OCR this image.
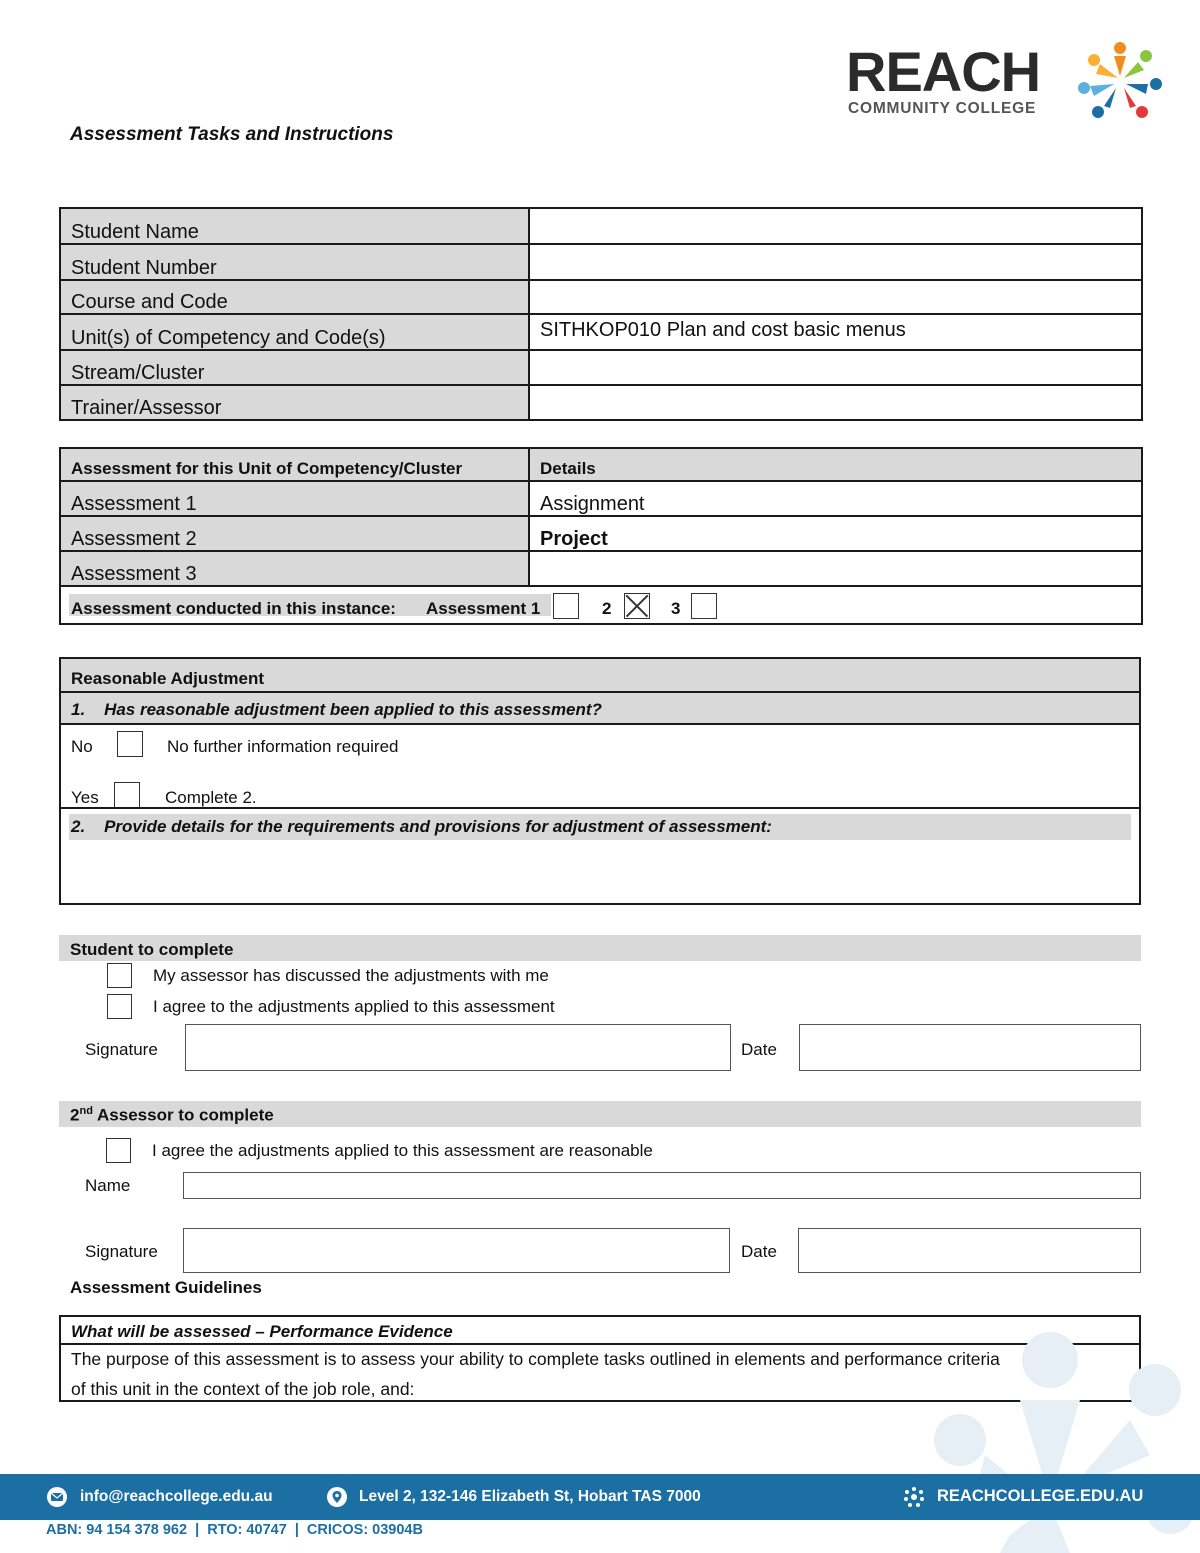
REACH
COMMUNITY COLLEGE
Assessment Tasks and Instructions
Student Name	
Student Number	
Course and Code	
Unit(s) of Competency and Code(s)	SITHKOP010 Plan and cost basic menus
Stream/Cluster	
Trainer/Assessor	
Assessment for this Unit of Competency/Cluster	Details
Assessment 1	Assignment
Assessment 2	Project
Assessment 3	

Assessment conducted in this instance: Assessment 1 2 3	
Reasonable Adjustment
1.    Has reasonable adjustment been applied to this assessment?
No	No further information required
Yes	Complete 2.
2.    Provide details for the requirements and provisions for adjustment of assessment:
Student to complete
My assessor has discussed the adjustments with me
I agree to the adjustments applied to this assessment
Signature	Date
2nd Assessor to complete
I agree the adjustments applied to this assessment are reasonable
Name
Signature	Date
Assessment Guidelines
What will be assessed – Performance Evidence
The purpose of this assessment is to assess your ability to complete tasks outlined in elements and performance criteria
of this unit in the context of the job role, and:
info@reachcollege.edu.au	Level 2, 132-146 Elizabeth St, Hobart TAS 7000	REACHCOLLEGE.EDU.AU
ABN: 94 154 378 962  |  RTO: 40747  |  CRICOS: 03904B
